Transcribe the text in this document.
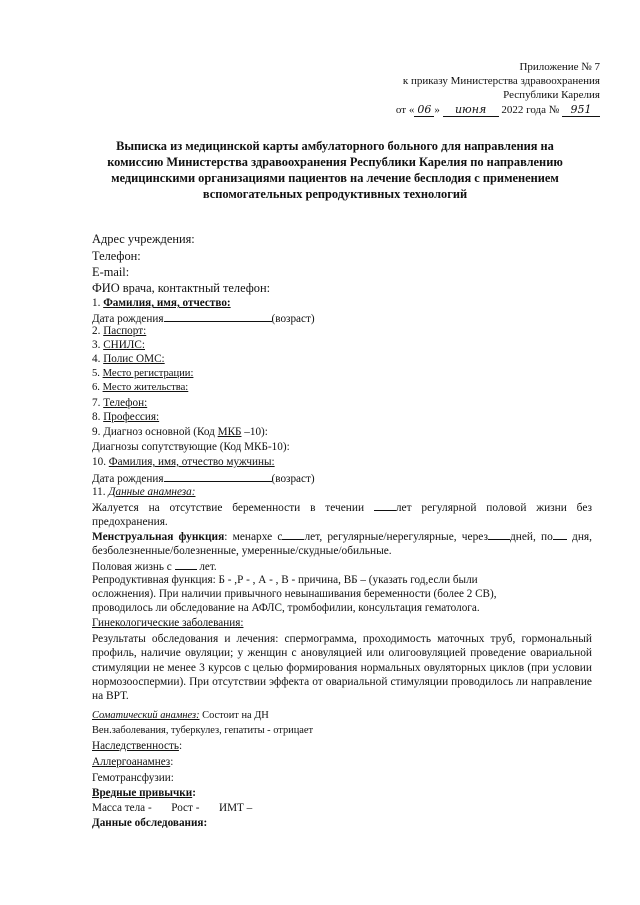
Приложение № 7
к приказу Министерства здравоохранения
Республики Карелия
от « 06 » июня 2022 года № 951
Выписка из медицинской карты амбулаторного больного для направления на комиссию Министерства здравоохранения Республики Карелия по направлению медицинскими организациями пациентов на лечение бесплодия с применением вспомогательных репродуктивных технологий
Адрес учреждения:
Телефон:
E-mail:
ФИО врача, контактный телефон:
1. Фамилия, имя, отчество:
Дата рождения	(возраст)
2. Паспорт:
3. СНИЛС:
4. Полис ОМС:
5. Место регистрации:
6. Место жительства:
7. Телефон:
8. Профессия:
9. Диагноз основной (Код МКБ –10):
Диагнозы сопутствующие (Код МКБ-10):
10. Фамилия, имя, отчество мужчины:
Дата рождения	(возраст)
11. Данные анамнеза:
Жалуется на отсутствие беременности в течении лет регулярной половой жизни без предохранения.
Менструальная функция: менархе с лет, регулярные/нерегулярные, через дней, по дня, безболезненные/болезненные, умеренные/скудные/обильные.
Половая жизнь с  лет.
Репродуктивная функция: Б - ,Р - , А - , В - причина, ВБ – (указать год,если были
осложнения). При наличии привычного невынашивания беременности (более 2 СВ),
проводилось ли обследование на АФЛС, тромбофилии, консультация гематолога.
Гинекологические заболевания:
Результаты обследования и лечения: спермограмма, проходимость маточных труб, гормональный профиль, наличие овуляции; у женщин с ановуляцией или олигоовуляцией проведение овариальной стимуляции не менее 3 курсов с целью формирования нормальных овуляторных циклов (при условии нормозооспермии). При отсутствии эффекта от овариальной стимуляции проводилось ли направление на ВРТ.
Соматический анамнез: Состоит на ДН
Вен.заболевания, туберкулез, гепатиты - отрицает
Наследственность:
Аллергоанамнез:
Гемотрансфузии:
Вредные привычки:
Масса тела -       Рост -       ИМТ –
Данные обследования:
